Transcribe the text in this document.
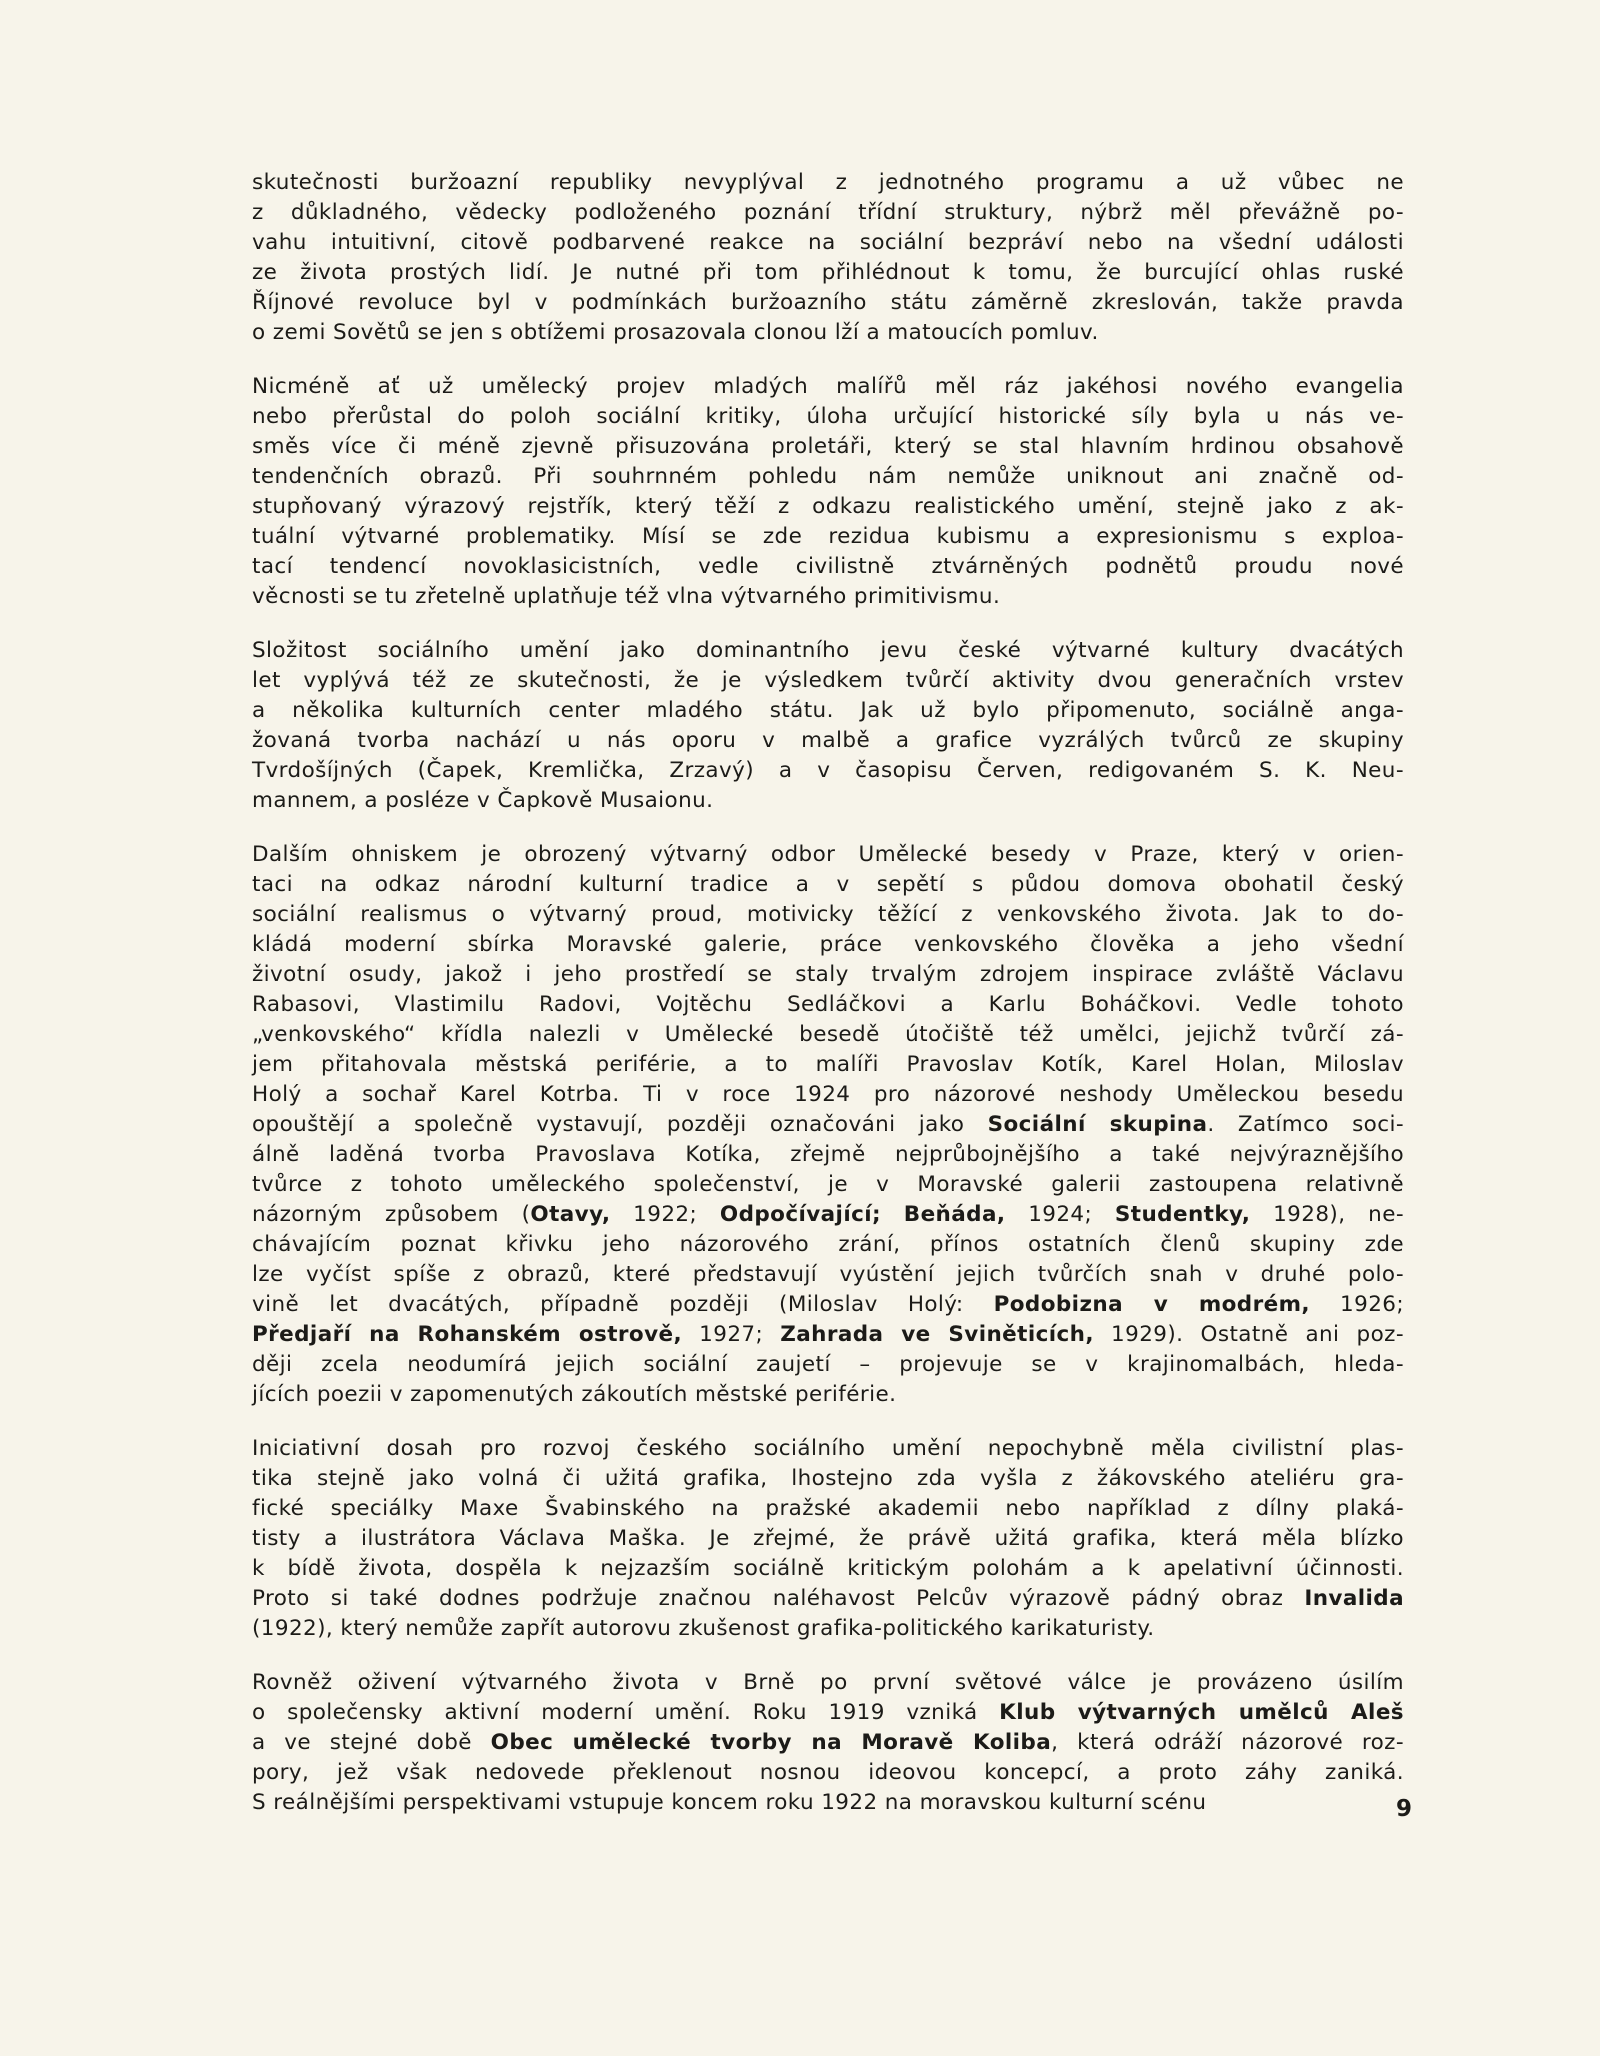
skutečnosti buržoazní republiky nevyplýval z jednotného programu a už vůbec ne
z důkladného, vědecky podloženého poznání třídní struktury, nýbrž měl převážně po-
vahu intuitivní, citově podbarvené reakce na sociální bezpráví nebo na všední události
ze života prostých lidí. Je nutné při tom přihlédnout k tomu, že burcující ohlas ruské
Říjnové revoluce byl v podmínkách buržoazního státu záměrně zkreslován, takže pravda
o zemi Sovětů se jen s obtížemi prosazovala clonou lží a matoucích pomluv.
Nicméně ať už umělecký projev mladých malířů měl ráz jakéhosi nového evangelia
nebo přerůstal do poloh sociální kritiky, úloha určující historické síly byla u nás ve-
směs více či méně zjevně přisuzována proletáři, který se stal hlavním hrdinou obsahově
tendenčních obrazů. Při souhrnném pohledu nám nemůže uniknout ani značně od-
stupňovaný výrazový rejstřík, který těží z odkazu realistického umění, stejně jako z ak-
tuální výtvarné problematiky. Mísí se zde rezidua kubismu a expresionismu s exploa-
tací tendencí novoklasicistních, vedle civilistně ztvárněných podnětů proudu nové
věcnosti se tu zřetelně uplatňuje též vlna výtvarného primitivismu.
Složitost sociálního umění jako dominantního jevu české výtvarné kultury dvacátých
let vyplývá též ze skutečnosti, že je výsledkem tvůrčí aktivity dvou generačních vrstev
a několika kulturních center mladého státu. Jak už bylo připomenuto, sociálně anga-
žovaná tvorba nachází u nás oporu v malbě a grafice vyzrálých tvůrců ze skupiny
Tvrdošíjných (Čapek, Kremlička, Zrzavý) a v časopisu Červen, redigovaném S. K. Neu-
mannem, a posléze v Čapkově Musaionu.
Dalším ohniskem je obrozený výtvarný odbor Umělecké besedy v Praze, který v orien-
taci na odkaz národní kulturní tradice a v sepětí s půdou domova obohatil český
sociální realismus o výtvarný proud, motivicky těžící z venkovského života. Jak to do-
kládá moderní sbírka Moravské galerie, práce venkovského člověka a jeho všední
životní osudy, jakož i jeho prostředí se staly trvalým zdrojem inspirace zvláště Václavu
Rabasovi, Vlastimilu Radovi, Vojtěchu Sedláčkovi a Karlu Boháčkovi. Vedle tohoto
„venkovského“ křídla nalezli v Umělecké besedě útočiště též umělci, jejichž tvůrčí zá-
jem přitahovala městská periférie, a to malíři Pravoslav Kotík, Karel Holan, Miloslav
Holý a sochař Karel Kotrba. Ti v roce 1924 pro názorové neshody Uměleckou besedu
opouštějí a společně vystavují, později označováni jako Sociální skupina. Zatímco soci-
álně laděná tvorba Pravoslava Kotíka, zřejmě nejprůbojnějšího a také nejvýraznějšího
tvůrce z tohoto uměleckého společenství, je v Moravské galerii zastoupena relativně
názorným způsobem (Otavy, 1922; Odpočívající; Beňáda, 1924; Studentky, 1928), ne-
chávajícím poznat křivku jeho názorového zrání, přínos ostatních členů skupiny zde
lze vyčíst spíše z obrazů, které představují vyústění jejich tvůrčích snah v druhé polo-
vině let dvacátých, případně později (Miloslav Holý: Podobizna v modrém, 1926;
Předjaří na Rohanském ostrově, 1927; Zahrada ve Sviněticích, 1929). Ostatně ani poz-
ději zcela neodumírá jejich sociální zaujetí – projevuje se v krajinomalbách, hleda-
jících poezii v zapomenutých zákoutích městské periférie.
Iniciativní dosah pro rozvoj českého sociálního umění nepochybně měla civilistní plas-
tika stejně jako volná či užitá grafika, lhostejno zda vyšla z žákovského ateliéru gra-
fické speciálky Maxe Švabinského na pražské akademii nebo například z dílny plaká-
tisty a ilustrátora Václava Maška. Je zřejmé, že právě užitá grafika, která měla blízko
k bídě života, dospěla k nejzazším sociálně kritickým polohám a k apelativní účinnosti.
Proto si také dodnes podržuje značnou naléhavost Pelcův výrazově pádný obraz Invalida
(1922), který nemůže zapřít autorovu zkušenost grafika-politického karikaturisty.
Rovněž oživení výtvarného života v Brně po první světové válce je provázeno úsilím
o společensky aktivní moderní umění. Roku 1919 vzniká Klub výtvarných umělců Aleš
a ve stejné době Obec umělecké tvorby na Moravě Koliba, která odráží názorové roz-
pory, jež však nedovede překlenout nosnou ideovou koncepcí, a proto záhy zaniká.
S reálnějšími perspektivami vstupuje koncem roku 1922 na moravskou kulturní scénu	9
